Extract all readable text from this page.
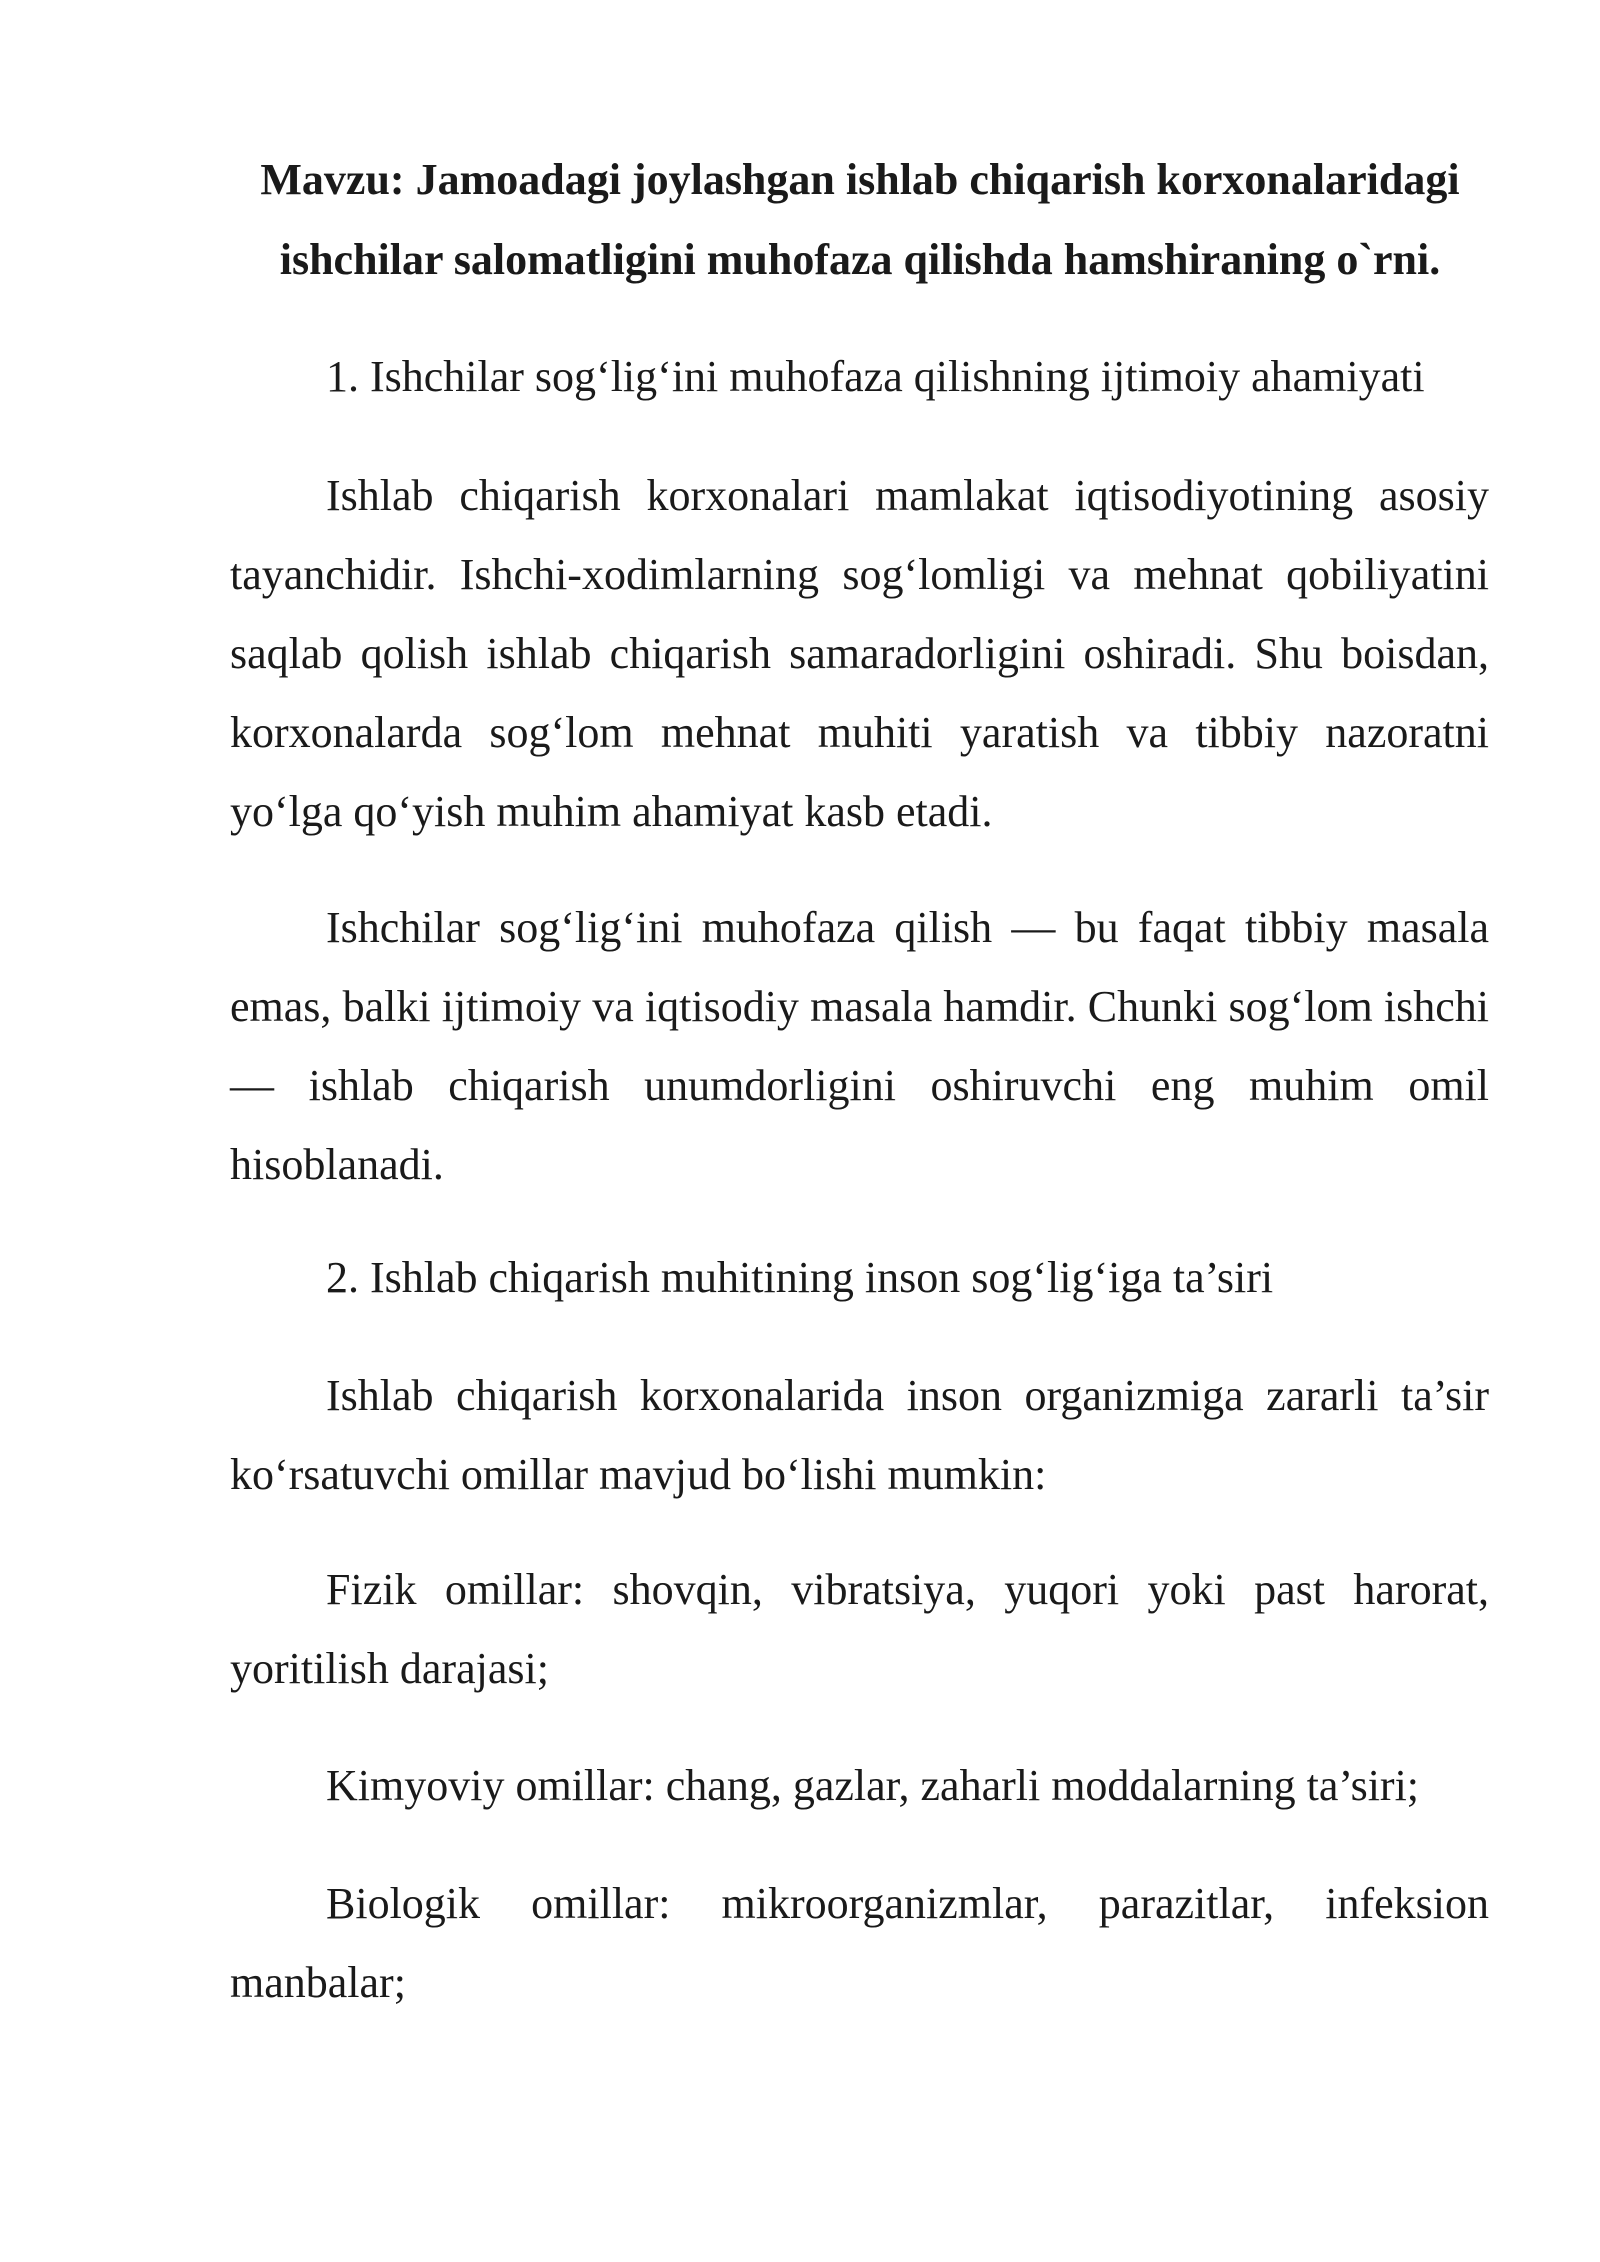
Mavzu: Jamoadagi joylashgan ishlab chiqarish korxonalaridagi
ishchilar salomatligini muhofaza qilishda hamshiraning o`rni.

1. Ishchilar sog‘lig‘ini muhofaza qilishning ijtimoiy ahamiyati

Ishlab chiqarish korxonalari mamlakat iqtisodiyotining asosiy tayanchidir. Ishchi-xodimlarning sog‘lomligi va mehnat qobiliyatini saqlab qolish ishlab chiqarish samaradorligini oshiradi. Shu boisdan, korxonalarda sog‘lom mehnat muhiti yaratish va tibbiy nazoratni yo‘lga qo‘yish muhim ahamiyat kasb etadi.

Ishchilar sog‘lig‘ini muhofaza qilish — bu faqat tibbiy masala emas, balki ijtimoiy va iqtisodiy masala hamdir. Chunki sog‘lom ishchi — ishlab chiqarish unumdorligini oshiruvchi eng muhim omil hisoblanadi.

2. Ishlab chiqarish muhitining inson sog‘lig‘iga ta’siri

Ishlab chiqarish korxonalarida inson organizmiga zararli ta’sir ko‘rsatuvchi omillar mavjud bo‘lishi mumkin:

Fizik omillar: shovqin, vibratsiya, yuqori yoki past harorat, yoritilish darajasi;

Kimyoviy omillar: chang, gazlar, zaharli moddalarning ta’siri;

Biologik omillar: mikroorganizmlar, parazitlar, infeksion manbalar;
